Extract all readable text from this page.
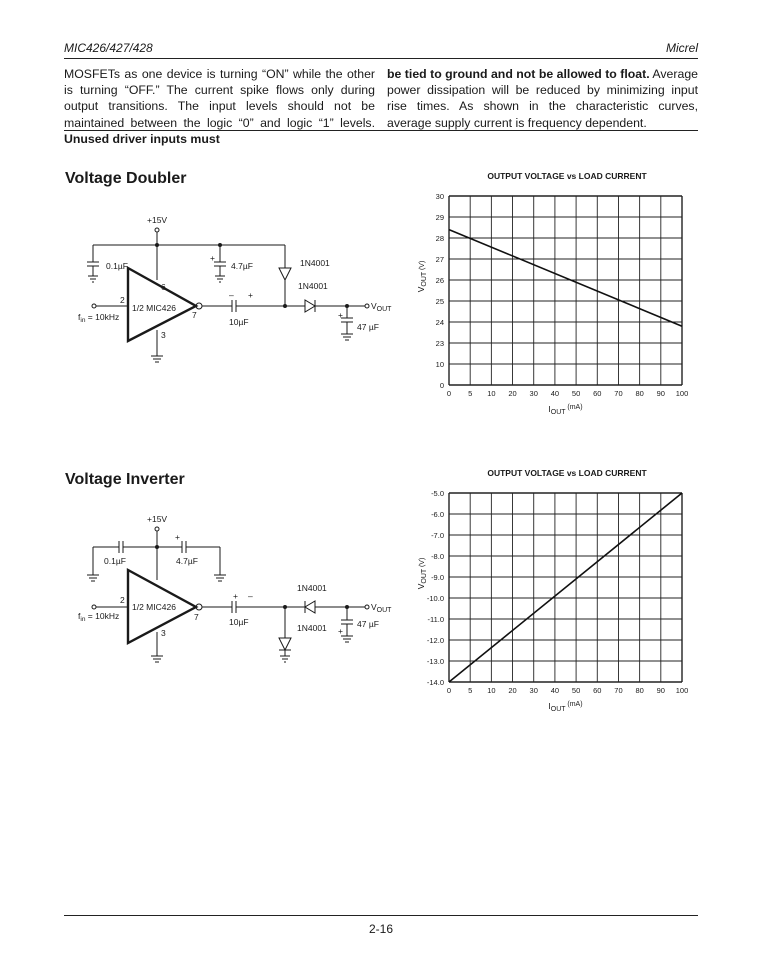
MIC426/427/428	Micrel
MOSFETs as one device is turning “ON” while the other is turning “OFF.” The current spike flows only during output transitions. The input levels should not be maintained between the logic “0” and logic “1” levels. Unused driver inputs must
be tied to ground and not be allowed to float. Average power dissipation will be reduced by minimizing input rise times. As shown in the characteristic curves, average supply current is frequency dependent.
Voltage Doubler
Voltage Inverter
+15V
0.1µF	4.7µF
+	1N4001
1N4001
6
2
7
3
1/2 MIC426
$f_{in} = 10kHz$
– +
10µF
+
47 µF
$V_{OUT}$
+15V
0.1µF	4.7µF
+
1N4001
1N4001
2
7
3
1/2 MIC426
$f_{in} = 10kHz$
+ –
10µF
+
47 µF
$V_{OUT}$
OUTPUT VOLTAGE vs LOAD CURRENT
0 5 10 20 30 40 50 60 70 80 90 100
0
10
23
24
25
26
27
28
29
30
$I_{OUT}$ $^{(mA)}$
$V_{OUT}$ $^{(V)}$
OUTPUT VOLTAGE vs LOAD CURRENT
0 5 10 20 30 40 50 60 70 80 90 100
-5.0
-6.0
-7.0
-8.0
-9.0
-10.0
-11.0
-12.0
-13.0
-14.0
$I_{OUT}$ $^{(mA)}$
$V_{OUT}$ $^{(V)}$
2-16
